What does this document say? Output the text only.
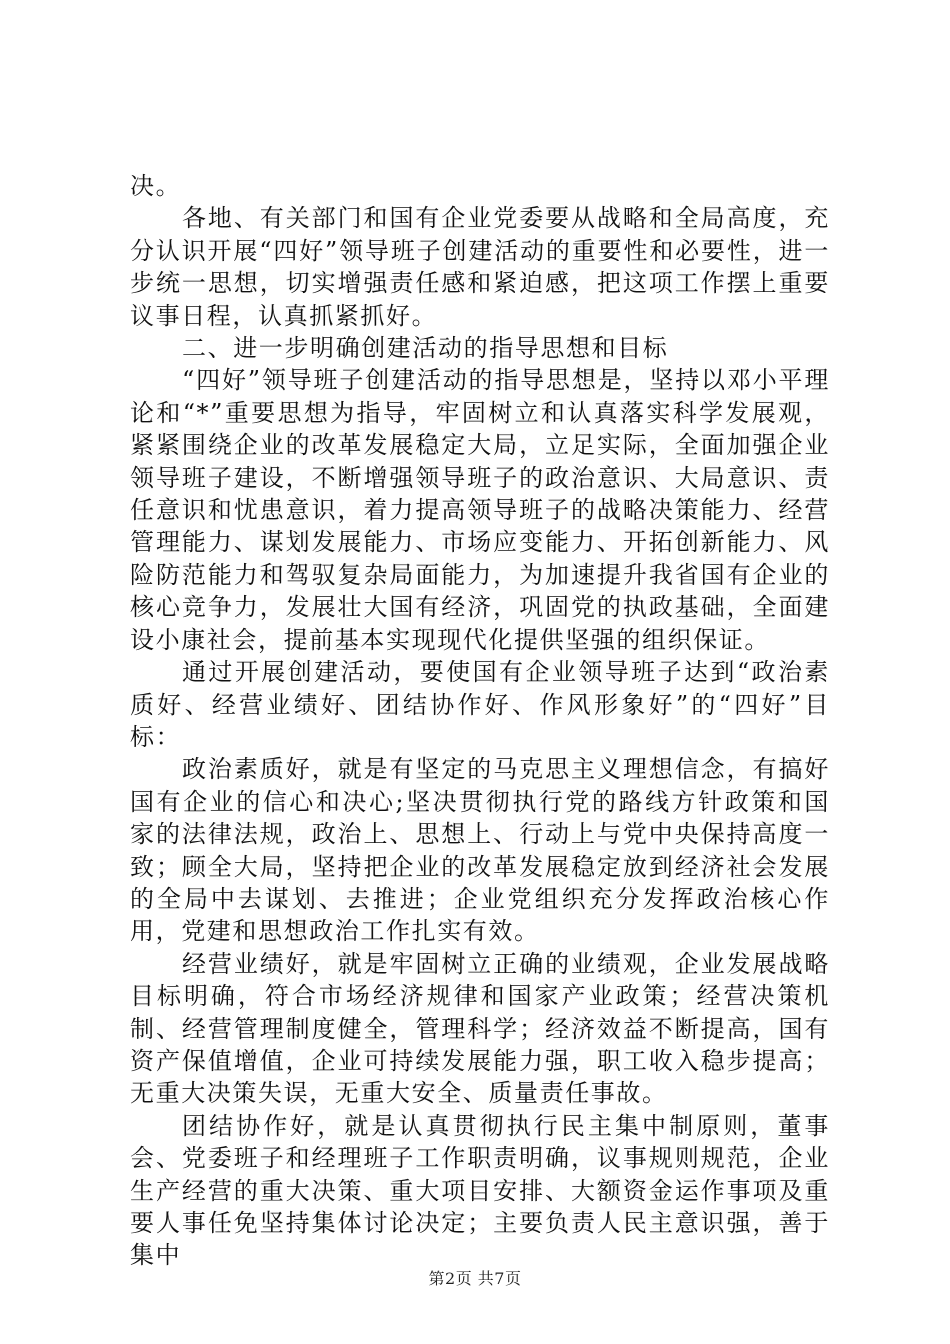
决。

各地、有关部门和国有企业党委要从战略和全局高度，充分认识开展“四好”领导班子创建活动的重要性和必要性，进一步统一思想，切实增强责任感和紧迫感，把这项工作摆上重要议事日程，认真抓紧抓好。

二、进一步明确创建活动的指导思想和目标

“四好”领导班子创建活动的指导思想是，坚持以邓小平理论和“*”重要思想为指导，牢固树立和认真落实科学发展观，紧紧围绕企业的改革发展稳定大局，立足实际，全面加强企业领导班子建设，不断增强领导班子的政治意识、大局意识、责任意识和忧患意识，着力提高领导班子的战略决策能力、经营管理能力、谋划发展能力、市场应变能力、开拓创新能力、风险防范能力和驾驭复杂局面能力，为加速提升我省国有企业的核心竞争力，发展壮大国有经济，巩固党的执政基础，全面建设小康社会，提前基本实现现代化提供坚强的组织保证。

通过开展创建活动，要使国有企业领导班子达到“政治素质好、经营业绩好、团结协作好、作风形象好”的“四好”目标：

政治素质好，就是有坚定的马克思主义理想信念，有搞好国有企业的信心和决心;坚决贯彻执行党的路线方针政策和国家的法律法规，政治上、思想上、行动上与党中央保持高度一致；顾全大局，坚持把企业的改革发展稳定放到经济社会发展的全局中去谋划、去推进；企业党组织充分发挥政治核心作用，党建和思想政治工作扎实有效。

经营业绩好，就是牢固树立正确的业绩观，企业发展战略目标明确，符合市场经济规律和国家产业政策；经营决策机制、经营管理制度健全，管理科学；经济效益不断提高，国有资产保值增值，企业可持续发展能力强，职工收入稳步提高；无重大决策失误，无重大安全、质量责任事故。

团结协作好，就是认真贯彻执行民主集中制原则，董事会、党委班子和经理班子工作职责明确，议事规则规范，企业生产经营的重大决策、重大项目安排、大额资金运作事项及重要人事任免坚持集体讨论决定；主要负责人民主意识强，善于集中

第2页 共7页
